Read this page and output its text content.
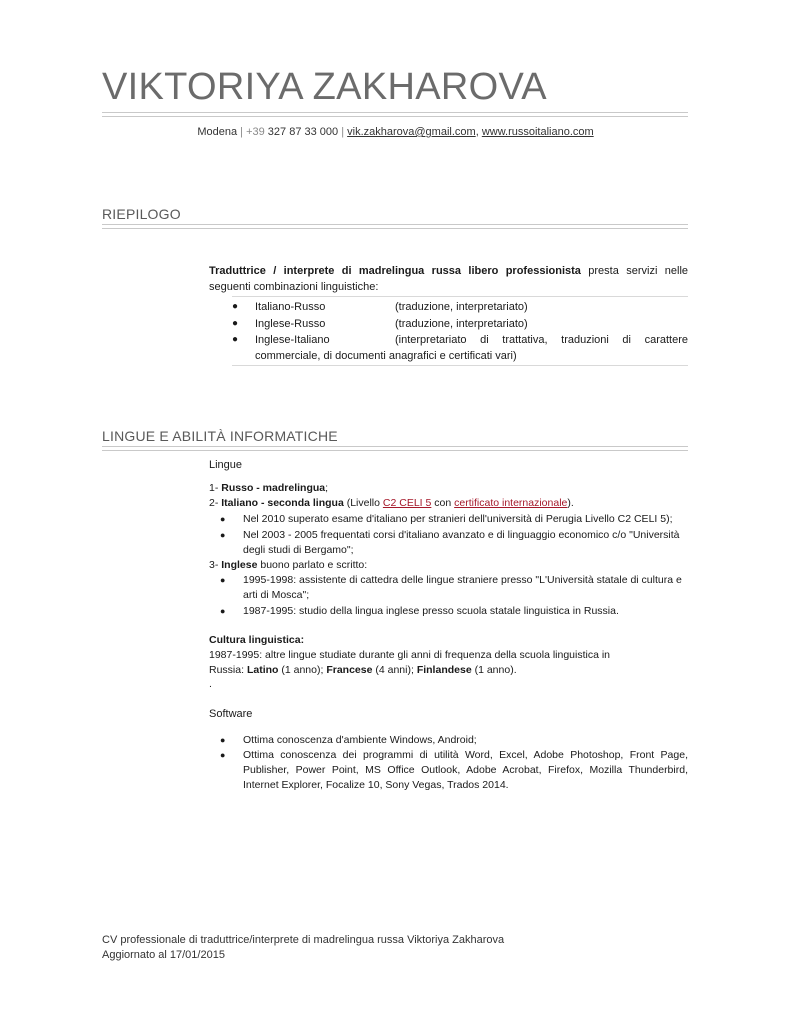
VIKTORIYA ZAKHAROVA
Modena | +39 327 87 33 000 | vik.zakharova@gmail.com, www.russoitaliano.com
RIEPILOGO
Traduttrice / interprete di madrelingua russa libero professionista presta servizi nelle seguenti combinazioni linguistiche:
● Italiano-Russo	(traduzione, interpretariato)
● Inglese-Russo	(traduzione, interpretariato)
● Inglese-Italiano	(interpretariato di trattativa, traduzioni di carattere
commerciale, di documenti anagrafici e certificati vari)
LINGUE E ABILITÀ INFORMATICHE
Lingue
1- Russo - madrelingua;
2- Italiano - seconda lingua (Livello C2 CELI 5 con certificato internazionale).
● Nel 2010 superato esame d'italiano per stranieri dell'università di Perugia Livello C2 CELI 5);
● Nel 2003 - 2005 frequentati corsi d'italiano avanzato e di linguaggio economico c/o "Università degli studi di Bergamo";
3- Inglese buono parlato e scritto:
● 1995-1998: assistente di cattedra delle lingue straniere presso "L'Università statale di cultura e arti di Mosca";
● 1987-1995: studio della lingua inglese presso scuola statale linguistica in Russia.
Cultura linguistica:
1987-1995: altre lingue studiate durante gli anni di frequenza della scuola linguistica in
Russia: Latino (1 anno); Francese (4 anni); Finlandese (1 anno).
.
Software
● Ottima conoscenza d'ambiente Windows, Android;
● Ottima conoscenza dei programmi di utilità Word, Excel, Adobe Photoshop, Front Page, Publisher, Power Point, MS Office Outlook, Adobe Acrobat, Firefox, Mozilla Thunderbird, Internet Explorer, Focalize 10, Sony Vegas, Trados 2014.
CV professionale di traduttrice/interprete di madrelingua russa Viktoriya Zakharova
Aggiornato al 17/01/2015
